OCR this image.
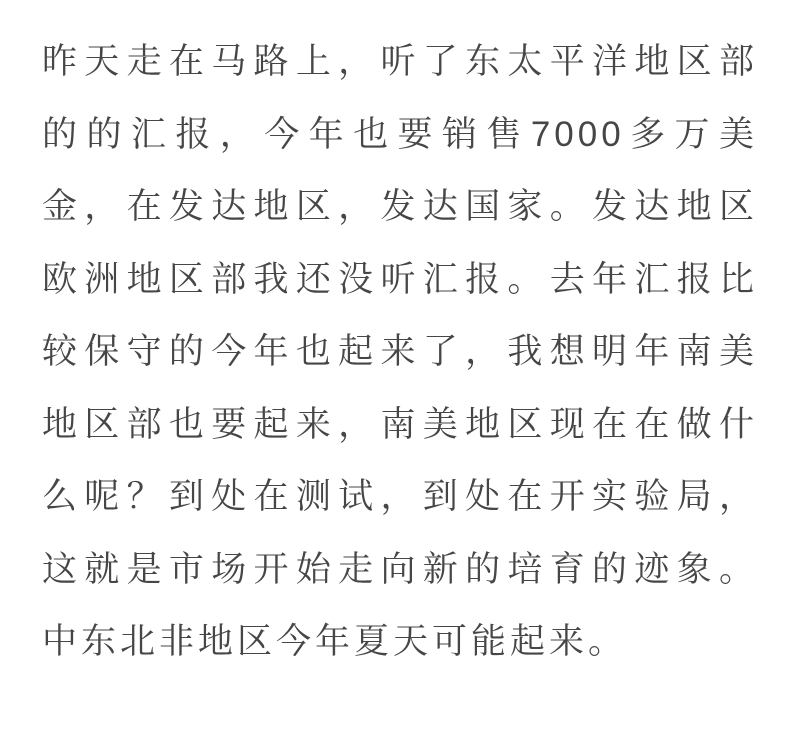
昨天走在马路上，听了东太平洋地区部
的的汇报，今年也要销售7000多万美
金，在发达地区，发达国家。发达地区
欧洲地区部我还没听汇报。去年汇报比
较保守的今年也起来了，我想明年南美
地区部也要起来，南美地区现在在做什
么呢？到处在测试，到处在开实验局，
这就是市场开始走向新的培育的迹象。
中东北非地区今年夏天可能起来。
